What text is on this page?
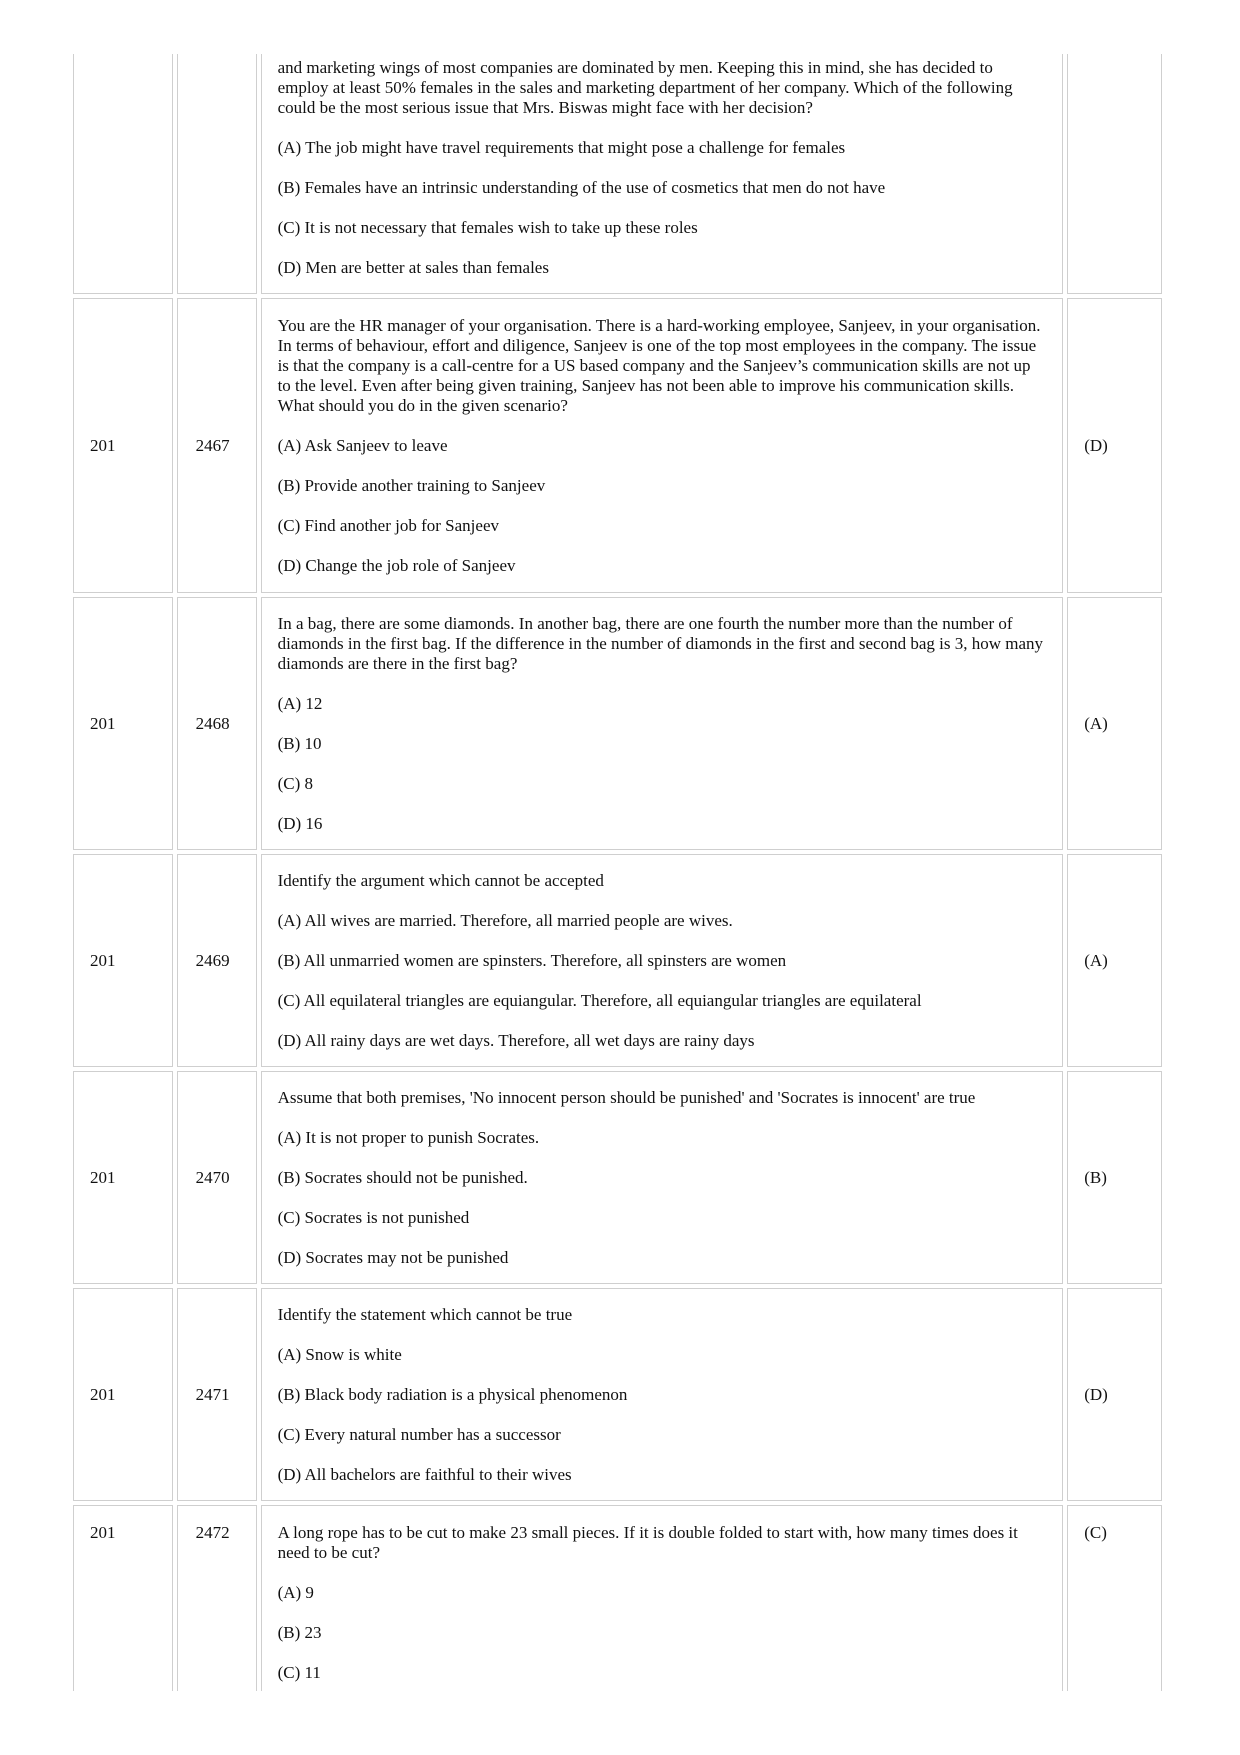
		and marketing wings of most companies are dominated by men. Keeping this in mind, she has decided to employ at least 50% females in the sales and marketing department of her company. Which of the following could be the most serious issue that Mrs. Biswas might face with her decision?

(A) The job might have travel requirements that might pose a challenge for females

(B) Females have an intrinsic understanding of the use of cosmetics that men do not have

(C) It is not necessary that females wish to take up these roles

(D) Men are better at sales than females	

201	2467	You are the HR manager of your organisation. There is a hard-working employee, Sanjeev, in your organisation. In terms of behaviour, effort and diligence, Sanjeev is one of the top most employees in the company. The issue is that the company is a call-centre for a US based company and the Sanjeev’s communication skills are not up to the level. Even after being given training, Sanjeev has not been able to improve his communication skills. What should you do in the given scenario?

(A) Ask Sanjeev to leave

(B) Provide another training to Sanjeev

(C) Find another job for Sanjeev

(D) Change the job role of Sanjeev	(D)
201	2468	In a bag, there are some diamonds. In another bag, there are one fourth the number more than the number of diamonds in the first bag. If the difference in the number of diamonds in the first and second bag is 3, how many diamonds are there in the first bag?

(A) 12

(B) 10

(C) 8

(D) 16	(A)
201	2469	Identify the argument which cannot be accepted

(A) All wives are married. Therefore, all married people are wives.

(B) All unmarried women are spinsters. Therefore, all spinsters are women

(C) All equilateral triangles are equiangular. Therefore, all equiangular triangles are equilateral

(D) All rainy days are wet days. Therefore, all wet days are rainy days	(A)
201	2470	Assume that both premises, 'No innocent person should be punished' and 'Socrates is innocent' are true

(A) It is not proper to punish Socrates.

(B) Socrates should not be punished.

(C) Socrates is not punished

(D) Socrates may not be punished	(B)
201	2471	Identify the statement which cannot be true

(A) Snow is white

(B) Black body radiation is a physical phenomenon

(C) Every natural number has a successor

(D) All bachelors are faithful to their wives	(D)
201	2472	A long rope has to be cut to make 23 small pieces. If it is double folded to start with, how many times does it need to be cut?

(A) 9

(B) 23

(C) 11	(C)
